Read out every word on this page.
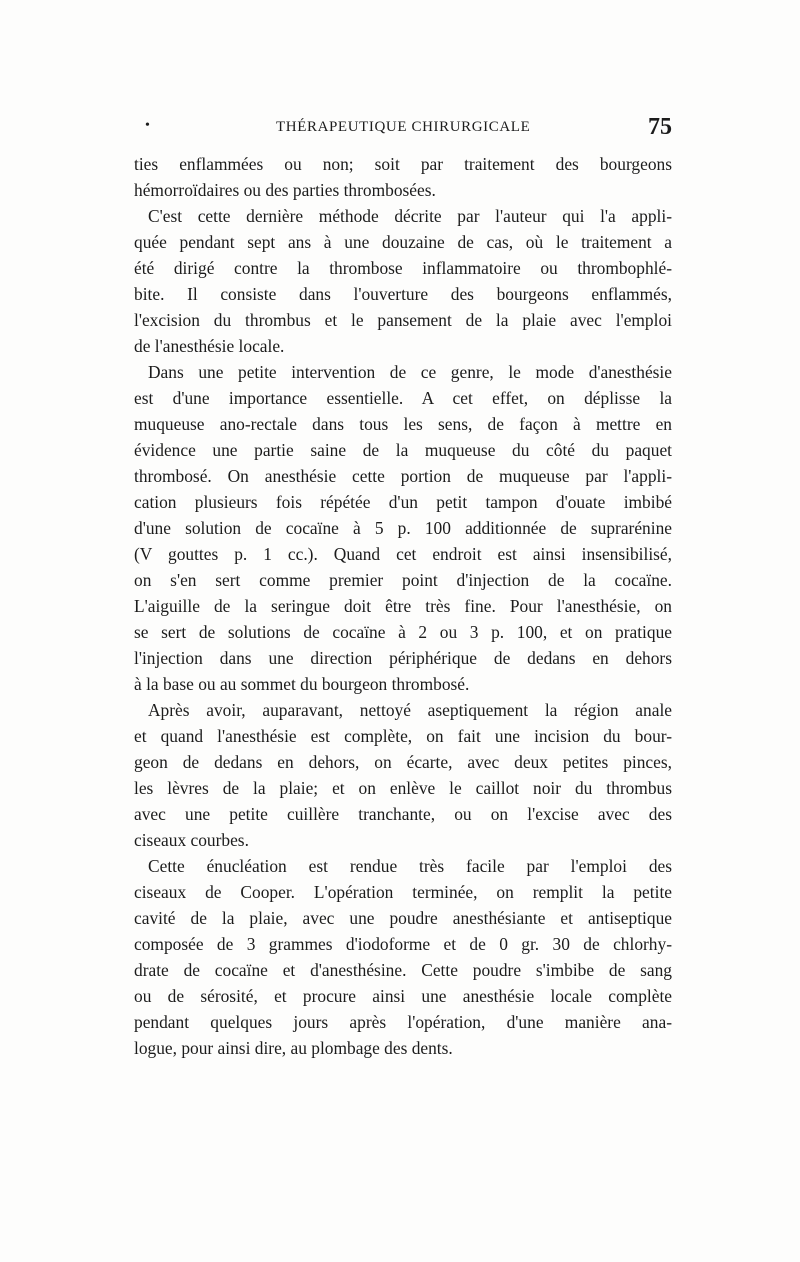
•	THÉRAPEUTIQUE CHIRURGICALE	75
ties enflammées ou non; soit par traitement des bourgeons
hémorroïdaires ou des parties thrombosées.
C'est cette dernière méthode décrite par l'auteur qui l'a appli-
quée pendant sept ans à une douzaine de cas, où le traitement a
été dirigé contre la thrombose inflammatoire ou thrombophlé-
bite. Il consiste dans l'ouverture des bourgeons enflammés,
l'excision du thrombus et le pansement de la plaie avec l'emploi
de l'anesthésie locale.
Dans une petite intervention de ce genre, le mode d'anesthésie
est d'une importance essentielle. A cet effet, on déplisse la
muqueuse ano-rectale dans tous les sens, de façon à mettre en
évidence une partie saine de la muqueuse du côté du paquet
thrombosé. On anesthésie cette portion de muqueuse par l'appli-
cation plusieurs fois répétée d'un petit tampon d'ouate imbibé
d'une solution de cocaïne à 5 p. 100 additionnée de suprarénine
(V gouttes p. 1 cc.). Quand cet endroit est ainsi insensibilisé,
on s'en sert comme premier point d'injection de la cocaïne.
L'aiguille de la seringue doit être très fine. Pour l'anesthésie, on
se sert de solutions de cocaïne à 2 ou 3 p. 100, et on pratique
l'injection dans une direction périphérique de dedans en dehors
à la base ou au sommet du bourgeon thrombosé.
Après avoir, auparavant, nettoyé aseptiquement la région anale
et quand l'anesthésie est complète, on fait une incision du bour-
geon de dedans en dehors, on écarte, avec deux petites pinces,
les lèvres de la plaie; et on enlève le caillot noir du thrombus
avec une petite cuillère tranchante, ou on l'excise avec des
ciseaux courbes.
Cette énucléation est rendue très facile par l'emploi des
ciseaux de Cooper. L'opération terminée, on remplit la petite
cavité de la plaie, avec une poudre anesthésiante et antiseptique
composée de 3 grammes d'iodoforme et de 0 gr. 30 de chlorhy-
drate de cocaïne et d'anesthésine. Cette poudre s'imbibe de sang
ou de sérosité, et procure ainsi une anesthésie locale complète
pendant quelques jours après l'opération, d'une manière ana-
logue, pour ainsi dire, au plombage des dents.
